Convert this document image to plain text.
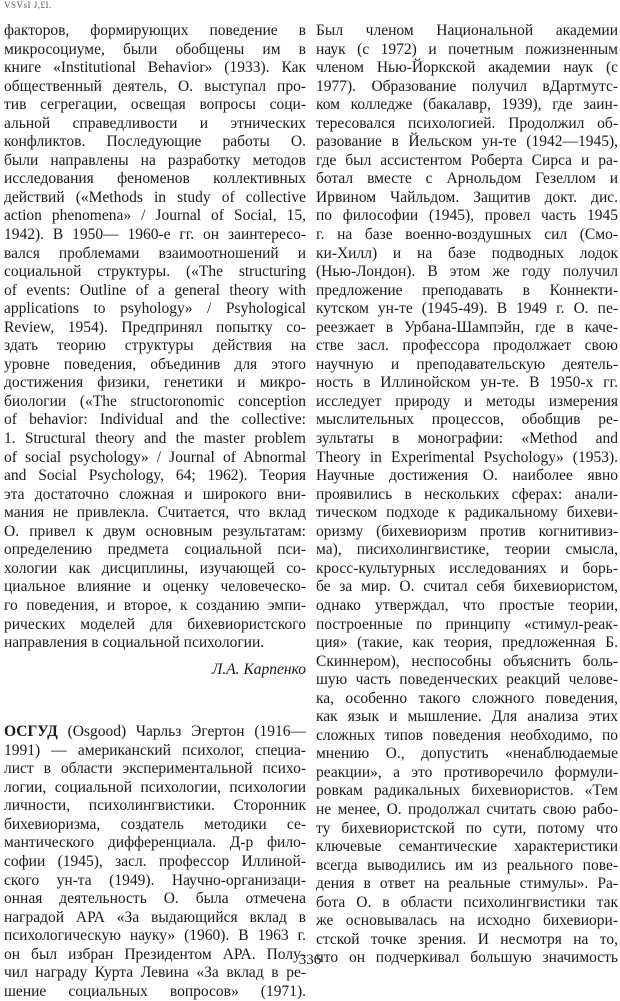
VSVsI J,£I.
факторов, формирующих поведение в
микросоциуме, были обобщены им в
книге «Institutional Behavior» (1933). Как
общественный деятель, О. выступал про-
тив сегрегации, освещая вопросы соци-
альной справедливости и этнических
конфликтов. Последующие работы О.
были направлены на разработку методов
исследования феноменов коллективных
действий («Methods in study of collective
action phenomena» / Journal of Social, 15,
1942). В 1950— 1960-е гг. он заинтересо-
вался проблемами взаимоотношений и
социальной структуры. («The structuring
of events: Outline of a general theory with
applications to psyhology» / Psyhological
Review, 1954). Предпринял попытку со-
здать теорию структуры действия на
уровне поведения, объединив для этого
достижения физики, генетики и микро-
биологии («The structoronomic conception
of behavior: Individual and the collective:
1. Structural theory and the master problem
of social psychology» / Journal of Abnormal
and Social Psychology, 64; 1962). Теория
эта достаточно сложная и широкого вни-
мания не привлекла. Считается, что вклад
О. привел к двум основным результатам:
определению предмета социальной пси-
хологии как дисциплины, изучающей со-
циальное влияние и оценку человеческо-
го поведения, и второе, к созданию эмпи-
рических моделей для бихевиористского
направления в социальной психологии.
Л.А. Карпенко
ОСГУД (Osgood) Чарльз Эгертон (1916—
1991) — американский психолог, специа-
лист в области экспериментальной психо-
логии, социальной психологии, психологии
личности, психолингвистики. Сторонник
бихевиоризма, создатель методики се-
мантического дифференциала. Д-р фило-
софии (1945), засл. профессор Иллиной-
ского ун-та (1949). Научно-организаци-
онная деятельность О. была отмечена
наградой АРА «За выдающийся вклад в
психологическую науку» (1960). В 1963 г.
он был избран Президентом АРА. Полу-
чил награду Курта Левина «За вклад в ре-
шение социальных вопросов» (1971).
Был членом Национальной академии
наук (с 1972) и почетным пожизненным
членом Нью-Йоркской академии наук (с
1977). Образование получил вДартмутс-
ком колледже (бакалавр, 1939), где заин-
тересовался психологией. Продолжил об-
разование в Йельском ун-те (1942—1945),
где был ассистентом Роберта Сирса и ра-
ботал вместе с Арнольдом Гезеллом и
Ирвином Чайльдом. Защитив докт. дис.
по философии (1945), провел часть 1945
г. на базе военно-воздушных сил (Смо-
ки-Хилл) и на базе подводных лодок
(Нью-Лондон). В этом же году получил
предложение преподавать в Коннекти-
кутском ун-те (1945-49). В 1949 г. О. пе-
реезжает в Урбана-Шампэйн, где в каче-
стве засл. профессора продолжает свою
научную и преподавательскую деятель-
ность в Иллинойском ун-те. В 1950-х гг.
исследует природу и методы измерения
мыслительных процессов, обобщив ре-
зультаты в монографии: «Method and
Theory in Experimental Psychology» (1953).
Научные достижения О. наиболее явно
проявились в нескольких сферах: анали-
тическом подходе к радикальному бихеви-
оризму (бихевиоризм против когнитивиз-
ма), писихолингвистике, теории смысла,
кросс-культурных исследованиях и борь-
бе за мир. О. считал себя бихевиористом,
однако утверждал, что простые теории,
построенные по принципу «стимул-реак-
ция» (такие, как теория, предложенная Б.
Скиннером), неспособны объяснить боль-
шую часть поведенческих реакций челове-
ка, особенно такого сложного поведения,
как язык и мышление. Для анализа этих
сложных типов поведения необходимо, по
мнению О., допустить «ненаблюдаемые
реакции», а это противоречило формули-
ровкам радикальных бихевиористов. «Тем
не менее, О. продолжал считать свою рабо-
ту бихевиористской по сути, потому что
ключевые семантические характеристики
всегда выводились им из реального пове-
дения в ответ на реальные стимулы». Ра-
бота О. в области психолингвистики так
же основывалась на исходно бихевиори-
стской точке зрения. И несмотря на то,
что он подчеркивал большую значимость
336
